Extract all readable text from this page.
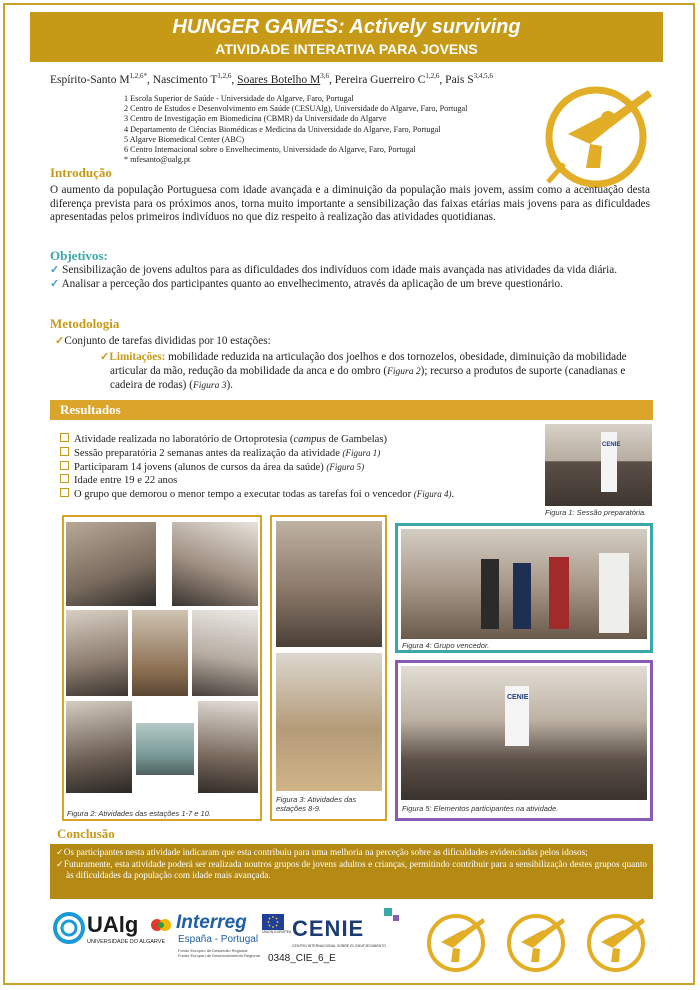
HUNGER GAMES: Actively surviving
ATIVIDADE INTERATIVA PARA JOVENS
Espírito-Santo $M^{1,2,6*}$, Nascimento T$^{1,2,6}$, Soares Botelho M$^{3,6}$, Pereira Guerreiro C$^{1,2,6}$, Pais S$^{3,4,5,6}$
1 Escola Superior de Saúde - Universidade do Algarve, Faro, Portugal
2 Centro de Estudos e Desenvolvimento em Saúde (CESUAlg), Universidade do Algarve, Faro, Portugal
3 Centro de Investigação em Biomedicina (CBMR) da Universidade do Algarve
4 Departamento de Ciências Biomédicas e Medicina da Universidade do Algarve, Faro, Portugal
5 Algarve Biomedical Center (ABC)
6 Centro Internacional sobre o Envelhecimento, Universidade do Algarve, Faro, Portugal
* mfesanto@ualg.pt
Introdução
O aumento da população Portuguesa com idade avançada e a diminuição da população mais jovem, assim como a acentuação desta diferença prevista para os próximos anos, torna muito importante a sensibilização das faixas etárias mais jovens para as dificuldades apresentadas pelos primeiros indivíduos no que diz respeito à realização das atividades quotidianas.
Objetivos:
✓ Sensibilização de jovens adultos para as dificuldades dos indivíduos com idade mais avançada nas atividades da vida diária.
✓ Analisar a perceção dos participantes quanto ao envelhecimento, através da aplicação de um breve questionário.
Metodologia
✓Conjunto de tarefas divididas por 10 estações:
✓Limitações: mobilidade reduzida na articulação dos joelhos e dos tornozelos, obesidade, diminuição da mobilidade articular da mão, redução da mobilidade da anca e do ombro (Figura 2); recurso a produtos de suporte (canadianas e cadeira de rodas) (Figura 3).
Resultados
Atividade realizada no laboratório de Ortoprotesia (campus de Gambelas)
Sessão preparatória 2 semanas antes da realização da atividade (Figura 1)
Participaram 14 jovens (alunos de cursos da área da saúde) (Figura 5)
Idade entre 19 e 22 anos
O grupo que demorou o menor tempo a executar todas as tarefas foi o vencedor (Figura 4).
CENIE
Figura 1: Sessão preparatória.
Figura 2: Atividades das estações 1-7 e 10.
Figura 3: Atividades das estações 8-9.
Figura 4: Grupo vencedor.
CENIE
Figura 5: Elementos participantes na atividade.
Conclusão
✓Os participantes nesta atividade indicaram que esta contribuiu para uma melhoria na perceção sobre as dificuldades evidenciadas pelos idosos;
✓Futuramente, esta atividade poderá ser realizada noutros grupos de jovens adultos e crianças, permitindo contribuir para a sensibilização destes grupos quanto às dificuldades da população com idade mais avançada.
UAlg
UNIVERSIDADE DO ALGARVE
Interreg
España - Portugal
Fondo Europeo de Desarrollo Regional
Fundo Europeu de Desenvolvimento Regional
UNIÓN EUROPEA CENIE
CENTRO INTERNACIONAL SOBRE EL ENVEJECIMIENTO
0348_CIE_6_E
